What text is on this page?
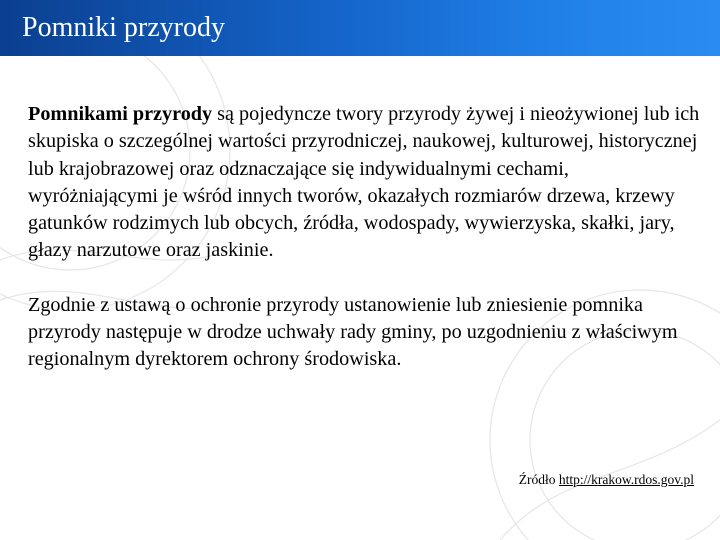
Pomniki przyrody

Pomnikami przyrody są pojedyncze twory przyrody żywej i nieożywionej lub ich skupiska o szczególnej wartości przyrodniczej, naukowej, kulturowej, historycznej lub krajobrazowej oraz odznaczające się indywidualnymi cechami, wyróżniającymi je wśród innych tworów, okazałych rozmiarów drzewa, krzewy gatunków rodzimych lub obcych, źródła, wodospady, wywierzyska, skałki, jary, głazy narzutowe oraz jaskinie.

Zgodnie z ustawą o ochronie przyrody ustanowienie lub zniesienie pomnika przyrody następuje w drodze uchwały rady gminy, po uzgodnieniu z właściwym regionalnym dyrektorem ochrony środowiska.

Źródło http://krakow.rdos.gov.pl
